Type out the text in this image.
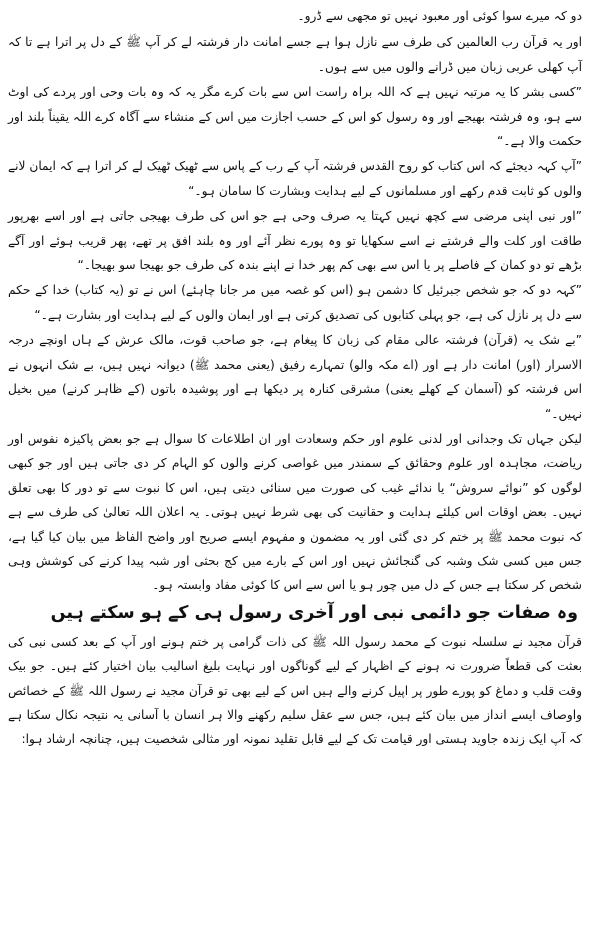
دو کہ میرے سوا کوئی اور معبود نہیں تو مجھی سے ڈرو۔

اور یہ قرآن رب العالمین کی طرف سے نازل ہوا ہے جسے امانت دار فرشتہ لے کر آپ ﷺ کے دل پر اترا ہے تا کہ آپ کھلی عربی زبان میں ڈرانے والوں میں سے ہوں۔

”کسی بشر کا یہ مرتبہ نہیں ہے کہ اللہ براہ راست اس سے بات کرے مگر یہ کہ وہ بات وحی اور پردے کی اوٹ سے ہو، وہ فرشتہ بھیجے اور وہ رسول کو اس کے حسب اجازت میں اس کے منشاء سے آگاہ کرے اللہ یقیناً بلند اور حکمت والا ہے۔“

”آپ کہہ دیجئے کہ اس کتاب کو روح القدس فرشتہ آپ کے رب کے پاس سے ٹھیک ٹھیک لے کر اترا ہے کہ ایمان لانے والوں کو ثابت قدم رکھے اور مسلمانوں کے لیے ہدایت وبشارت کا سامان ہو۔“

”اور نبی اپنی مرضی سے کچھ نہیں کہتا یہ صرف وحی ہے جو اس کی طرف بھیجی جاتی ہے اور اسے بھرپور طاقت اور کلت والے فرشتے نے اسے سکھایا تو وہ پورے نظر آئے اور وہ بلند افق پر تھے، پھر قریب ہوئے اور آگے بڑھے تو دو کمان کے فاصلے پر یا اس سے بھی کم پھر خدا نے اپنے بندہ کی طرف جو بھیجا سو بھیجا۔“

”کہہ دو کہ جو شخص جبرئیل کا دشمن ہو (اس کو غصہ میں مر جانا چاہئے) اس نے تو (یہ کتاب) خدا کے حکم سے دل پر نازل کی ہے، جو پہلی کتابوں کی تصدیق کرتی ہے اور ایمان والوں کے لیے ہدایت اور بشارت ہے۔“

”بے شک یہ (قرآن) فرشتہ عالی مقام کی زبان کا پیغام ہے، جو صاحب قوت، مالک عرش کے ہاں اونچے درجہ الاسرار (اور) امانت دار ہے اور (اے مکہ والو) تمہارے رفیق (یعنی محمد ﷺ) دیوانہ نہیں ہیں، بے شک انہوں نے اس فرشتہ کو (آسمان کے کھلے یعنی) مشرقی کنارہ پر دیکھا ہے اور پوشیدہ باتوں (کے ظاہر کرنے) میں بخیل نہیں۔“

لیکن جہاں تک وجدانی اور لدنی علوم اور حکم وسعادت اور ان اطلاعات کا سوال ہے جو بعض پاکیزہ نفوس اور ریاضت، مجاہدہ اور علوم وحقائق کے سمندر میں غواصی کرنے والوں کو الہام کر دی جاتی ہیں اور جو کبھی لوگوں کو ”نوائے سروش“ یا ندائے غیب کی صورت میں سنائی دیتی ہیں، اس کا نبوت سے تو دور کا بھی تعلق نہیں۔ بعض اوقات اس کیلئے ہدایت و حقانیت کی بھی شرط نہیں ہوتی۔ یہ اعلان اللہ تعالیٰ کی طرف سے ہے کہ نبوت محمد ﷺ پر ختم کر دی گئی اور یہ مضمون و مفہوم ایسے صریح اور واضح الفاظ میں بیان کیا گیا ہے، جس میں کسی شک وشبہ کی گنجائش نہیں اور اس کے بارے میں کج بحثی اور شبہ پیدا کرنے کی کوشش وہی شخص کر سکتا ہے جس کے دل میں چور ہو یا اس سے اس کا کوئی مفاد وابستہ ہو۔

وہ صفات جو دائمی نبی اور آخری رسول ہی کے ہو سکتے ہیں

قرآن مجید نے سلسلہ نبوت کے محمد رسول اللہ ﷺ کی ذات گرامی پر ختم ہونے اور آپ کے بعد کسی نبی کی بعثت کی قطعاً ضرورت نہ ہونے کے اظہار کے لیے گوناگوں اور نہایت بلیغ اسالیب بیان اختیار کئے ہیں۔ جو بیک وقت قلب و دماغ کو پورے طور پر اپیل کرنے والے ہیں اس کے لیے بھی تو قرآن مجید نے رسول اللہ ﷺ کے خصائص واوصاف ایسے انداز میں بیان کئے ہیں، جس سے عقل سلیم رکھنے والا ہر انسان با آسانی یہ نتیجہ نکال سکتا ہے کہ آپ ایک زندہ جاوید ہستی اور قیامت تک کے لیے قابل تقلید نمونہ اور مثالی شخصیت ہیں، چنانچہ ارشاد ہوا:
